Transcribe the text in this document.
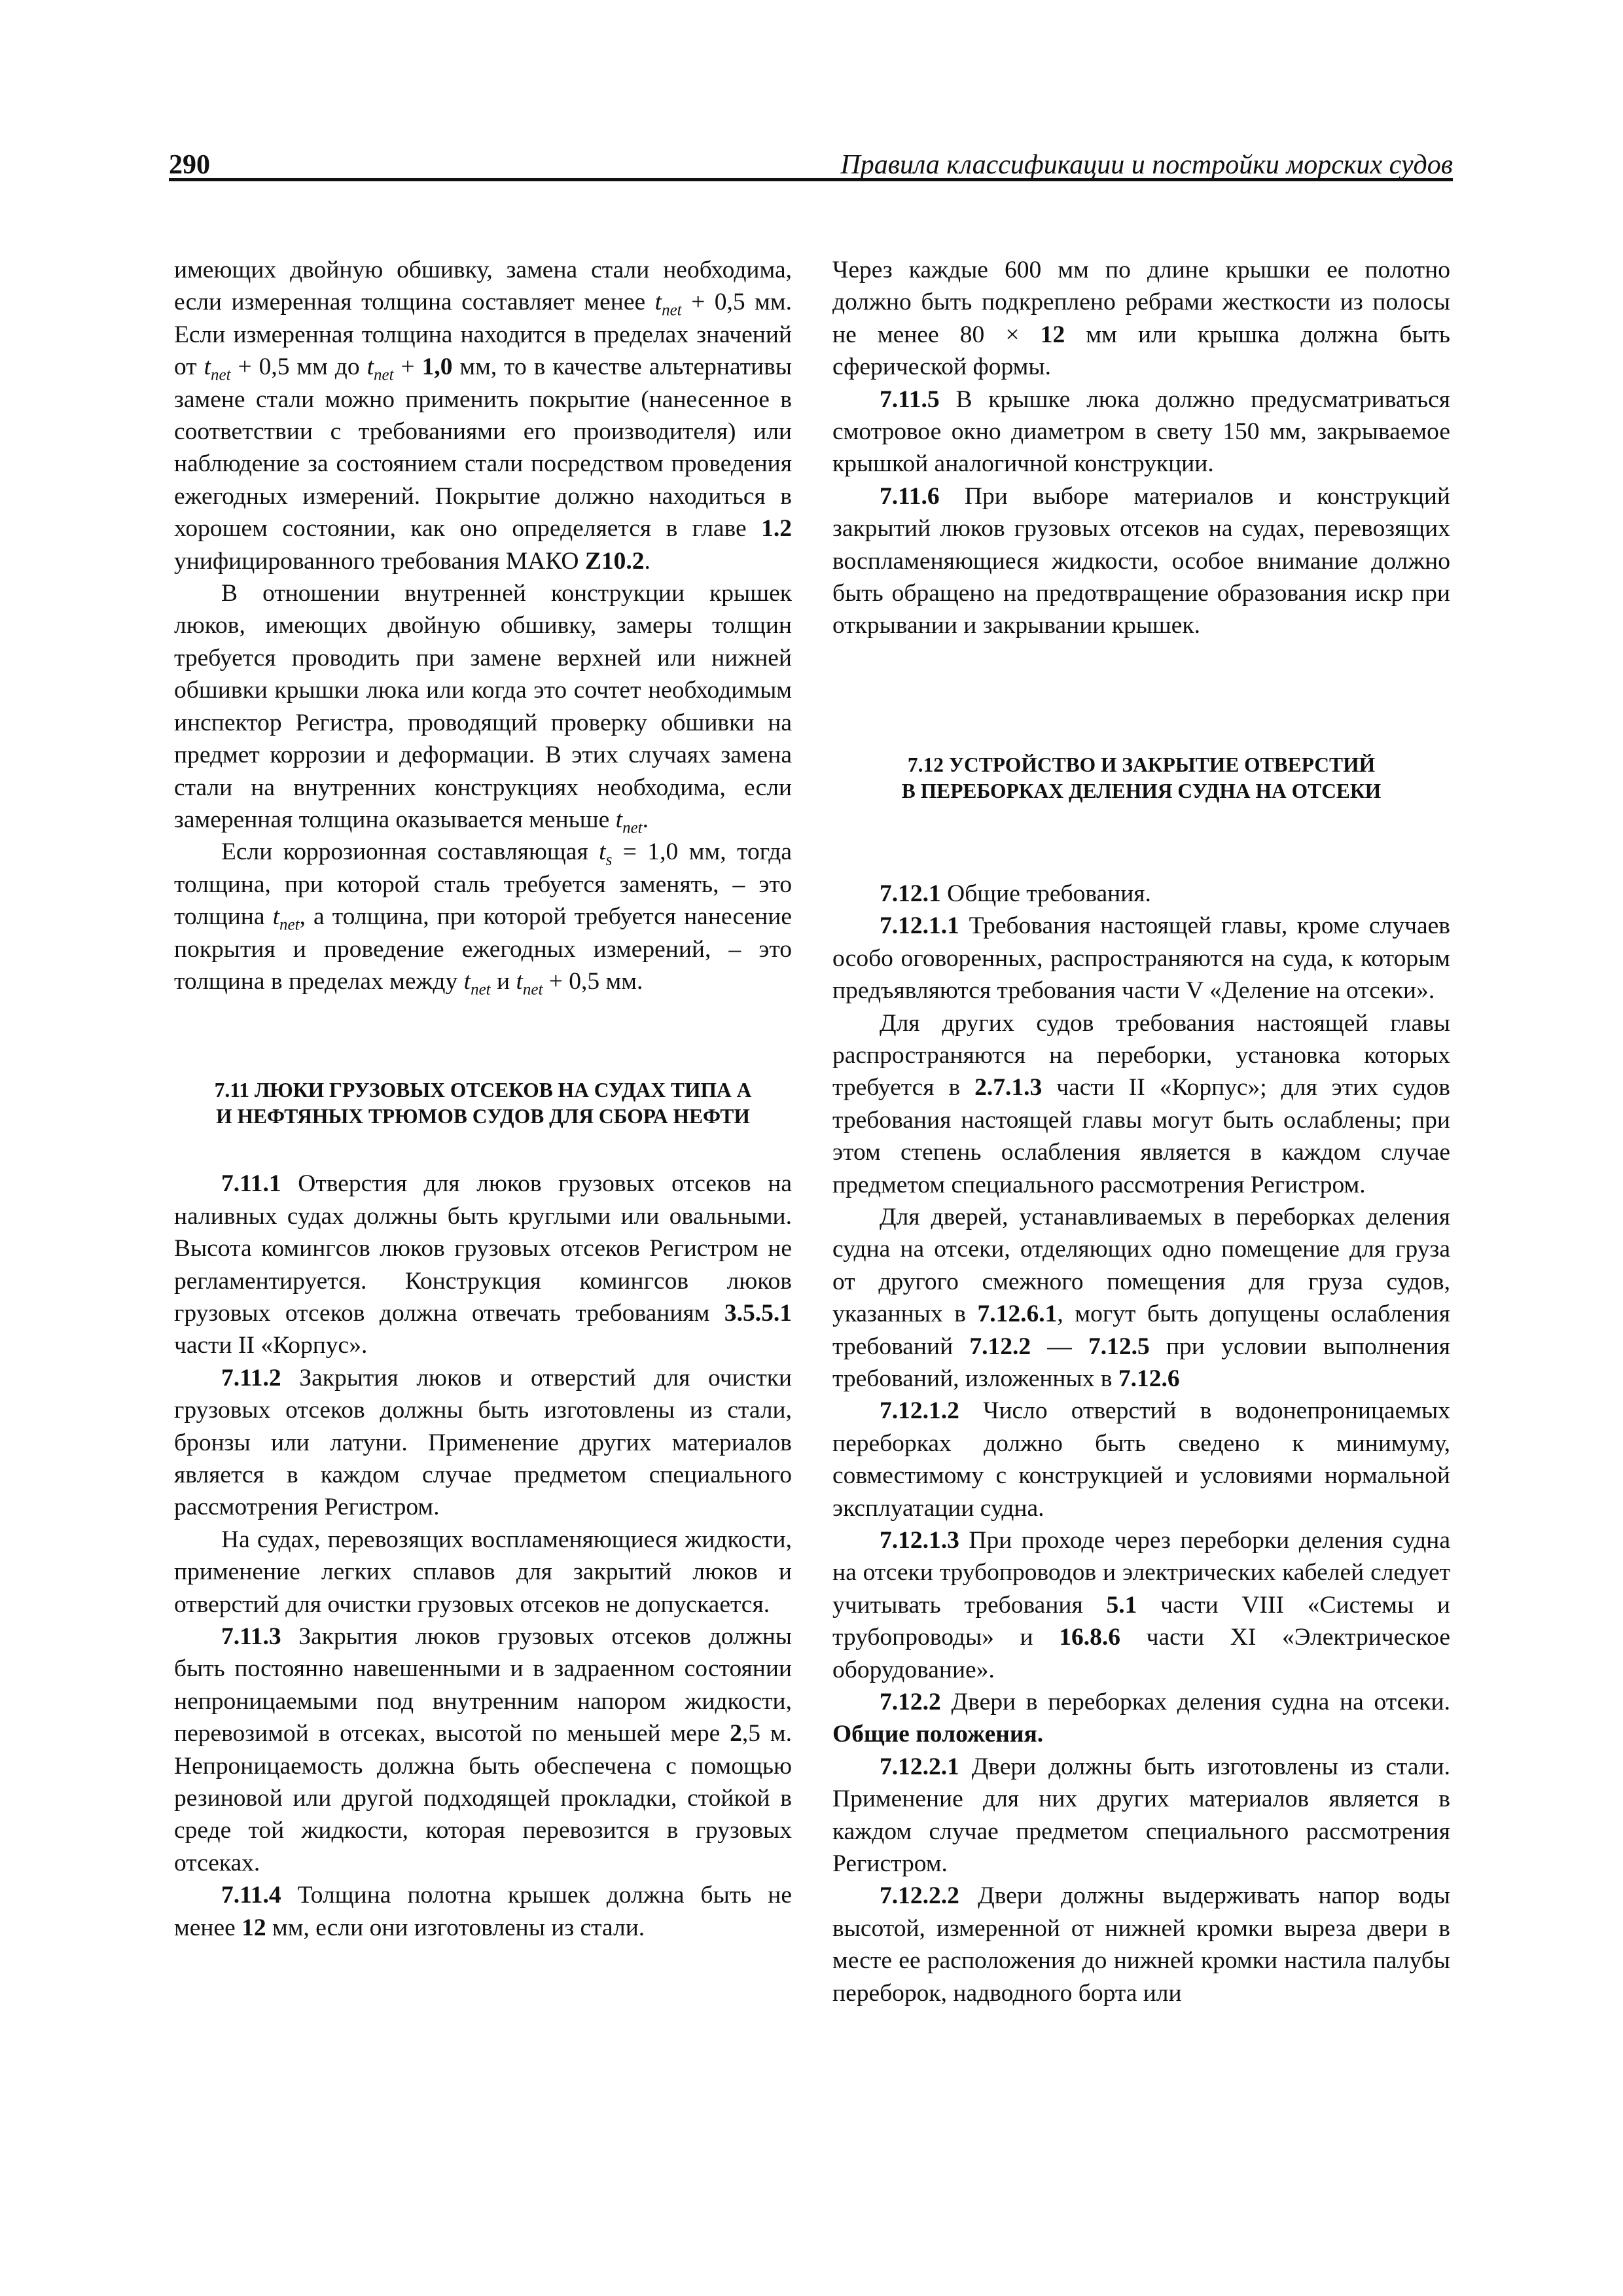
290	Правила классификации и постройки морских судов

имеющих двойную обшивку, замена стали необходима, если измеренная толщина составляет менее $t_{net} + 0,5$ мм. Если измеренная толщина находится в пределах значений от $t_{net} + 0,5$ мм до $t_{net} + 1,0$ мм, то в качестве альтернативы замене стали можно применить покрытие (нанесенное в соответствии с требованиями его производителя) или наблюдение за состоянием стали посредством проведения ежегодных измерений. Покрытие должно находиться в хорошем состоянии, как оно определяется в главе 1.2 унифицированного требования МАКО Z10.2.

В отношении внутренней конструкции крышек люков, имеющих двойную обшивку, замеры толщин требуется проводить при замене верхней или нижней обшивки крышки люка или когда это сочтет необходимым инспектор Регистра, проводящий проверку обшивки на предмет коррозии и деформации. В этих случаях замена стали на внутренних конструкциях необходима, если замеренная толщина оказывается меньше $t_{net}$.

Если коррозионная составляющая $t_s = 1,0$ мм, тогда толщина, при которой сталь требуется заменять, – это толщина $t_{net}$, а толщина, при которой требуется нанесение покрытия и проведение ежегодных измерений, – это толщина в пределах между $t_{net}$ и $t_{net} + 0,5$ мм.

7.11 ЛЮКИ ГРУЗОВЫХ ОТСЕКОВ НА СУДАХ ТИПА А
И НЕФТЯНЫХ ТРЮМОВ СУДОВ ДЛЯ СБОРА НЕФТИ

7.11.1 Отверстия для люков грузовых отсеков на наливных судах должны быть круглыми или овальными. Высота комингсов люков грузовых отсеков Регистром не регламентируется. Конструкция комингсов люков грузовых отсеков должна отвечать требованиям 3.5.5.1 части II «Корпус».

7.11.2 Закрытия люков и отверстий для очистки грузовых отсеков должны быть изготовлены из стали, бронзы или латуни. Применение других материалов является в каждом случае предметом специального рассмотрения Регистром.

На судах, перевозящих воспламеняющиеся жидкости, применение легких сплавов для закрытий люков и отверстий для очистки грузовых отсеков не допускается.

7.11.3 Закрытия люков грузовых отсеков должны быть постоянно навешенными и в задраенном состоянии непроницаемыми под внутренним напором жидкости, перевозимой в отсеках, высотой по меньшей мере 2,5 м. Непроницаемость должна быть обеспечена с помощью резиновой или другой подходящей прокладки, стойкой в среде той жидкости, которая перевозится в грузовых отсеках.

7.11.4 Толщина полотна крышек должна быть не менее 12 мм, если они изготовлены из стали.

Через каждые 600 мм по длине крышки ее полотно должно быть подкреплено ребрами жесткости из полосы не менее 80 × 12 мм или крышка должна быть сферической формы.

7.11.5 В крышке люка должно предусматриваться смотровое окно диаметром в свету 150 мм, закрываемое крышкой аналогичной конструкции.

7.11.6 При выборе материалов и конструкций закрытий люков грузовых отсеков на судах, перевозящих воспламеняющиеся жидкости, особое внимание должно быть обращено на предотвращение образования искр при открывании и закрывании крышек.

7.12 УСТРОЙСТВО И ЗАКРЫТИЕ ОТВЕРСТИЙ
В ПЕРЕБОРКАХ ДЕЛЕНИЯ СУДНА НА ОТСЕКИ

7.12.1 Общие требования.

7.12.1.1 Требования настоящей главы, кроме случаев особо оговоренных, распространяются на суда, к которым предъявляются требования части V «Деление на отсеки».

Для других судов требования настоящей главы распространяются на переборки, установка которых требуется в 2.7.1.3 части II «Корпус»; для этих судов требования настоящей главы могут быть ослаблены; при этом степень ослабления является в каждом случае предметом специального рассмотрения Регистром.

Для дверей, устанавливаемых в переборках деления судна на отсеки, отделяющих одно помещение для груза от другого смежного помещения для груза судов, указанных в 7.12.6.1, могут быть допущены ослабления требований 7.12.2 — 7.12.5 при условии выполнения требований, изложенных в 7.12.6

7.12.1.2 Число отверстий в водонепроницаемых переборках должно быть сведено к минимуму, совместимому с конструкцией и условиями нормальной эксплуатации судна.

7.12.1.3 При проходе через переборки деления судна на отсеки трубопроводов и электрических кабелей следует учитывать требования 5.1 части VIII «Системы и трубопроводы» и 16.8.6 части XI «Электрическое оборудование».

7.12.2 Двери в переборках деления судна на отсеки. Общие положения.

7.12.2.1 Двери должны быть изготовлены из стали. Применение для них других материалов является в каждом случае предметом специального рассмотрения Регистром.

7.12.2.2 Двери должны выдерживать напор воды высотой, измеренной от нижней кромки выреза двери в месте ее расположения до нижней кромки настила палубы переборок, надводного борта или
